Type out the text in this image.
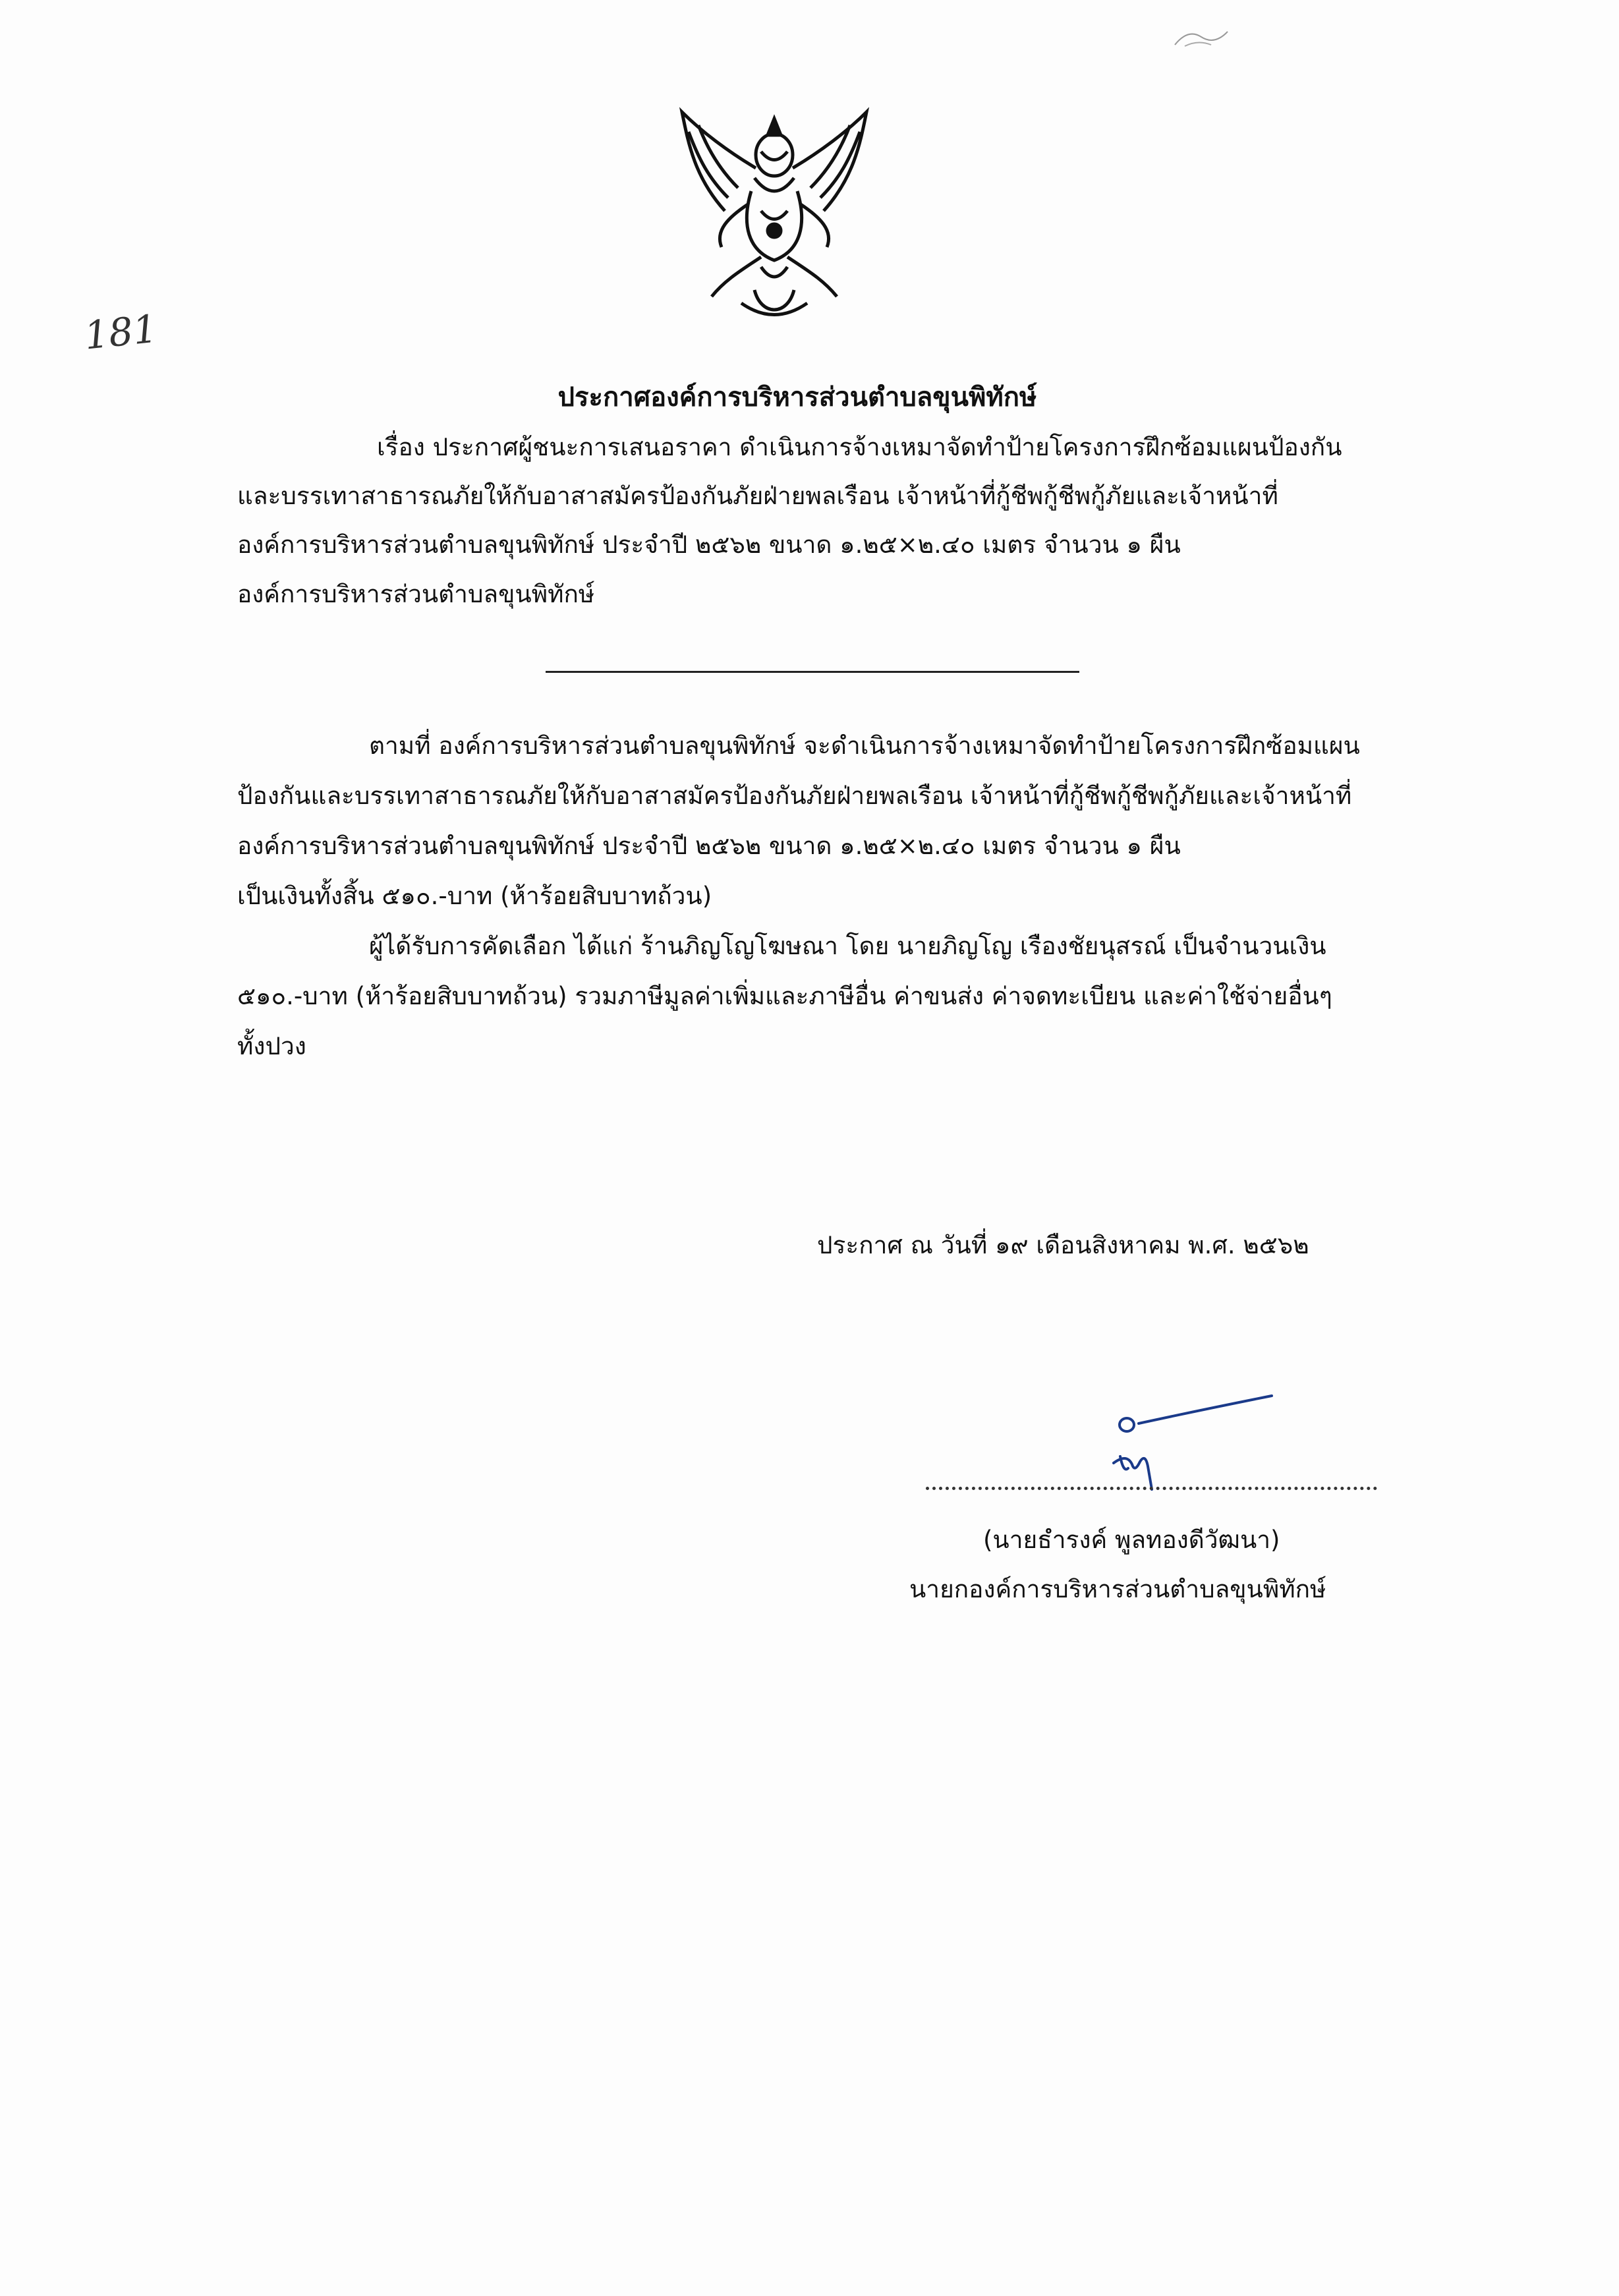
181
ประกาศองค์การบริหารส่วนตำบลขุนพิทักษ์
เรื่อง ประกาศผู้ชนะการเสนอราคา ดำเนินการจ้างเหมาจัดทำป้ายโครงการฝึกซ้อมแผนป้องกัน
และบรรเทาสาธารณภัยให้กับอาสาสมัครป้องกันภัยฝ่ายพลเรือน เจ้าหน้าที่กู้ชีพกู้ชีพกู้ภัยและเจ้าหน้าที่
องค์การบริหารส่วนตำบลขุนพิทักษ์ ประจำปี ๒๕๖๒ ขนาด ๑.๒๕×๒.๔๐ เมตร จำนวน ๑ ผืน
องค์การบริหารส่วนตำบลขุนพิทักษ์
ตามที่ องค์การบริหารส่วนตำบลขุนพิทักษ์ จะดำเนินการจ้างเหมาจัดทำป้ายโครงการฝึกซ้อมแผน
ป้องกันและบรรเทาสาธารณภัยให้กับอาสาสมัครป้องกันภัยฝ่ายพลเรือน เจ้าหน้าที่กู้ชีพกู้ชีพกู้ภัยและเจ้าหน้าที่
องค์การบริหารส่วนตำบลขุนพิทักษ์ ประจำปี ๒๕๖๒ ขนาด ๑.๒๕×๒.๔๐ เมตร จำนวน ๑ ผืน
เป็นเงินทั้งสิ้น ๕๑๐.-บาท (ห้าร้อยสิบบาทถ้วน)
ผู้ได้รับการคัดเลือก ได้แก่ ร้านภิญโญโฆษณา โดย นายภิญโญ เรืองชัยนุสรณ์ เป็นจำนวนเงิน
๕๑๐.-บาท (ห้าร้อยสิบบาทถ้วน) รวมภาษีมูลค่าเพิ่มและภาษีอื่น ค่าขนส่ง ค่าจดทะเบียน และค่าใช้จ่ายอื่นๆ
ทั้งปวง
ประกาศ ณ วันที่ ๑๙ เดือนสิงหาคม พ.ศ. ๒๕๖๒
(นายธำรงค์ พูลทองดีวัฒนา)
นายกองค์การบริหารส่วนตำบลขุนพิทักษ์
